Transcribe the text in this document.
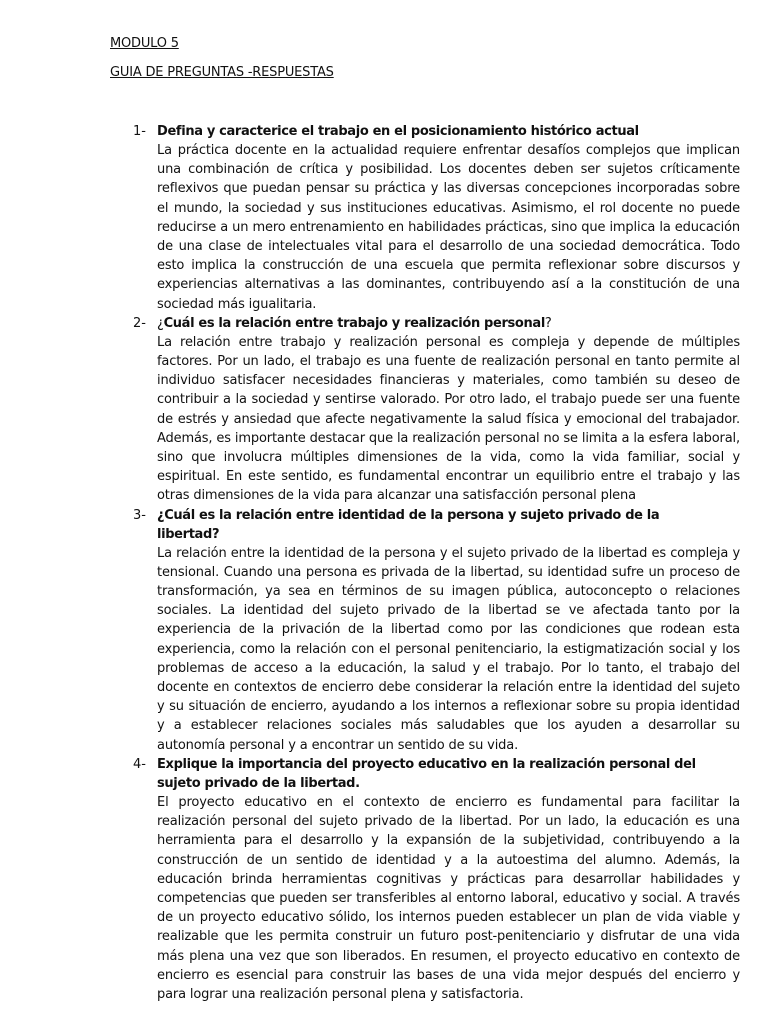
MODULO 5
GUIA DE PREGUNTAS -RESPUESTAS
1- Defina y caracterice el trabajo en el posicionamiento histórico actual
La práctica docente en la actualidad requiere enfrentar desafíos complejos que implican una combinación de crítica y posibilidad. Los docentes deben ser sujetos críticamente reflexivos que puedan pensar su práctica y las diversas concepciones incorporadas sobre el mundo, la sociedad y sus instituciones educativas. Asimismo, el rol docente no puede reducirse a un mero entrenamiento en habilidades prácticas, sino que implica la educación de una clase de intelectuales vital para el desarrollo de una sociedad democrática. Todo esto implica la construcción de una escuela que permita reflexionar sobre discursos y experiencias alternativas a las dominantes, contribuyendo así a la constitución de una sociedad más igualitaria.
2- ¿Cuál es la relación entre trabajo y realización personal?
La relación entre trabajo y realización personal es compleja y depende de múltiples factores. Por un lado, el trabajo es una fuente de realización personal en tanto permite al individuo satisfacer necesidades financieras y materiales, como también su deseo de contribuir a la sociedad y sentirse valorado. Por otro lado, el trabajo puede ser una fuente de estrés y ansiedad que afecte negativamente la salud física y emocional del trabajador. Además, es importante destacar que la realización personal no se limita a la esfera laboral, sino que involucra múltiples dimensiones de la vida, como la vida familiar, social y espiritual. En este sentido, es fundamental encontrar un equilibrio entre el trabajo y las otras dimensiones de la vida para alcanzar una satisfacción personal plena
3- ¿Cuál es la relación entre identidad de la persona y sujeto privado de la libertad?
La relación entre la identidad de la persona y el sujeto privado de la libertad es compleja y tensional. Cuando una persona es privada de la libertad, su identidad sufre un proceso de transformación, ya sea en términos de su imagen pública, autoconcepto o relaciones sociales. La identidad del sujeto privado de la libertad se ve afectada tanto por la experiencia de la privación de la libertad como por las condiciones que rodean esta experiencia, como la relación con el personal penitenciario, la estigmatización social y los problemas de acceso a la educación, la salud y el trabajo. Por lo tanto, el trabajo del docente en contextos de encierro debe considerar la relación entre la identidad del sujeto y su situación de encierro, ayudando a los internos a reflexionar sobre su propia identidad y a establecer relaciones sociales más saludables que los ayuden a desarrollar su autonomía personal y a encontrar un sentido de su vida.
4- Explique la importancia del proyecto educativo en la realización personal del sujeto privado de la libertad.
El proyecto educativo en el contexto de encierro es fundamental para facilitar la realización personal del sujeto privado de la libertad. Por un lado, la educación es una herramienta para el desarrollo y la expansión de la subjetividad, contribuyendo a la construcción de un sentido de identidad y a la autoestima del alumno. Además, la educación brinda herramientas cognitivas y prácticas para desarrollar habilidades y competencias que pueden ser transferibles al entorno laboral, educativo y social. A través de un proyecto educativo sólido, los internos pueden establecer un plan de vida viable y realizable que les permita construir un futuro post-penitenciario y disfrutar de una vida más plena una vez que son liberados. En resumen, el proyecto educativo en contexto de encierro es esencial para construir las bases de una vida mejor después del encierro y para lograr una realización personal plena y satisfactoria.
